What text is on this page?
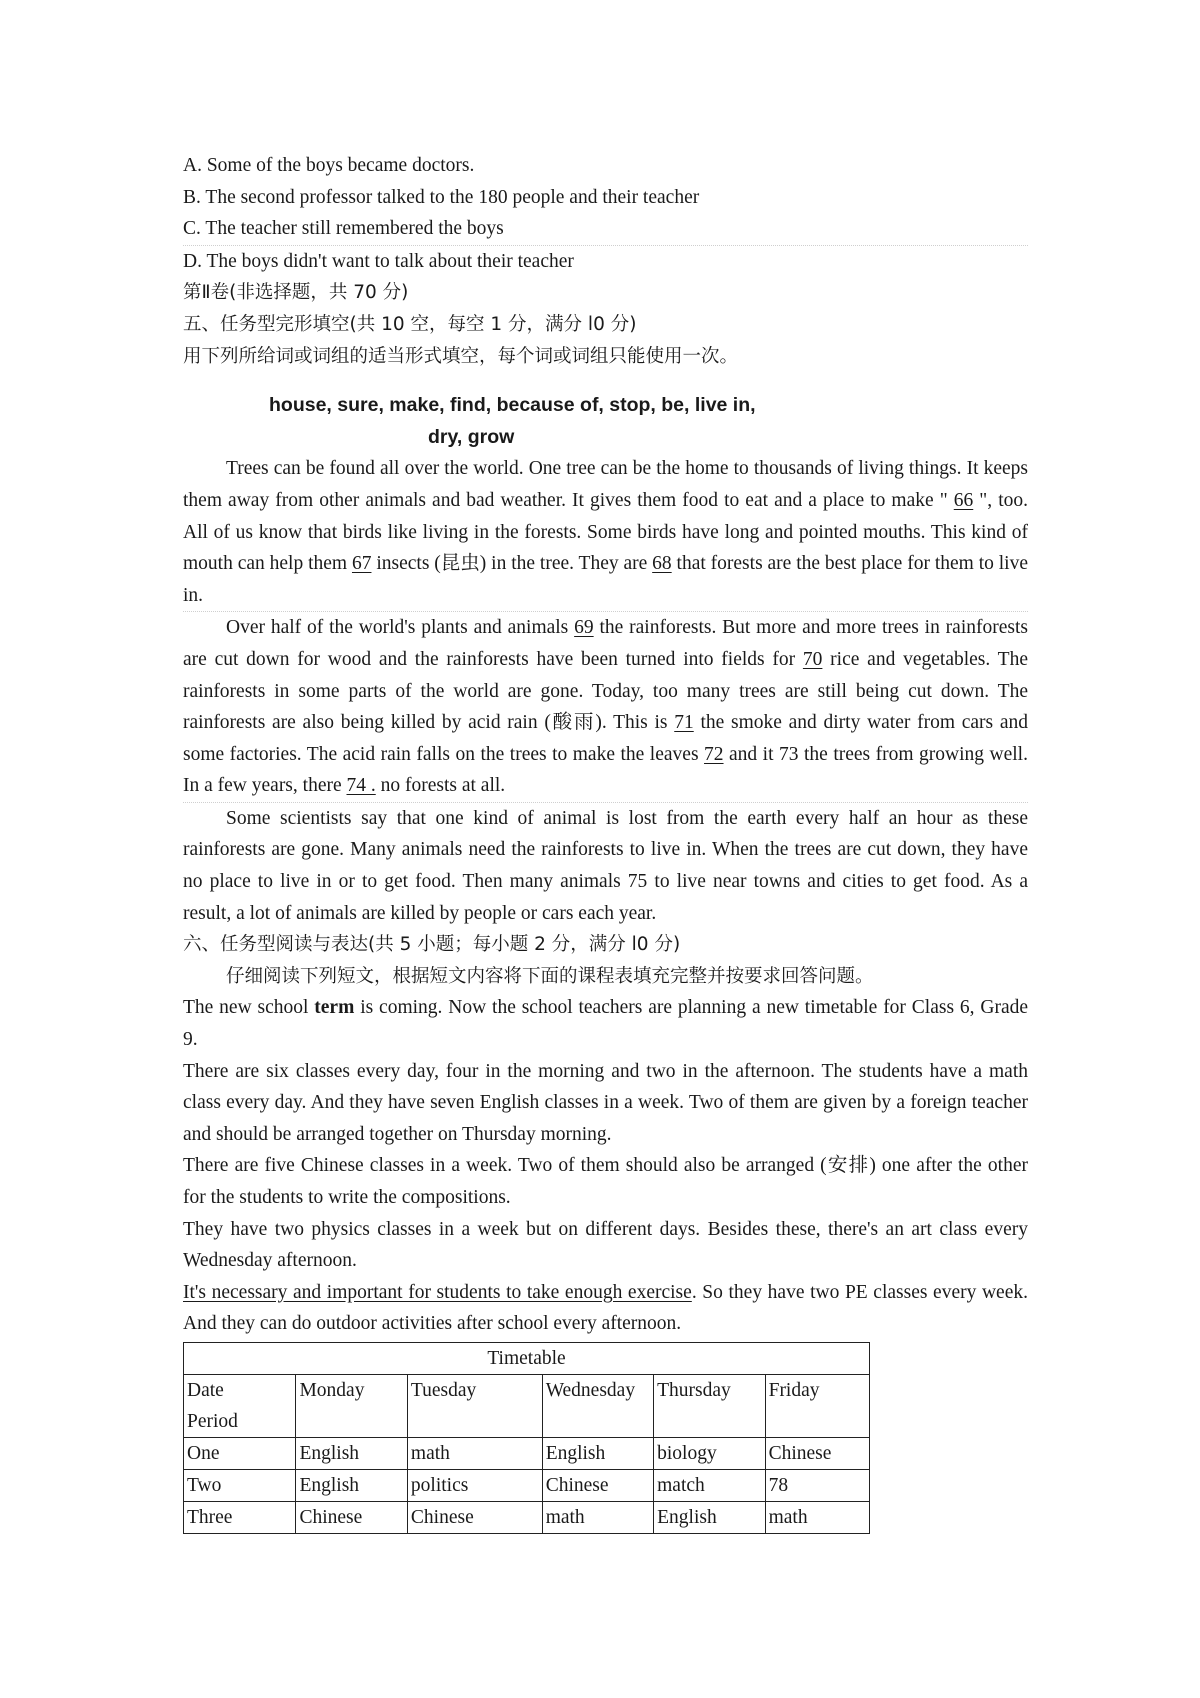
A. Some of the boys became doctors.
B. The second professor talked to the 180 people and their teacher
C. The teacher still remembered the boys
D. The boys didn't want to talk about their teacher
第Ⅱ卷(非选择题，共 70 分)
五、任务型完形填空(共 10 空，每空 1 分，满分 l0 分)
用下列所给词或词组的适当形式填空，每个词或词组只能使用一次。
house, sure, make, find, because of, stop, be, live in,
dry, grow
Trees can be found all over the world. One tree can be the home to thousands of living things. It keeps them away from other animals and bad weather. It gives them food to eat and a place to make " 66 ", too. All of us know that birds like living in the forests. Some birds have long and pointed mouths. This kind of mouth can help them 67 insects (昆虫) in the tree. They are 68 that forests are the best place for them to live in.
Over half of the world's plants and animals 69 the rainforests. But more and more trees in rainforests are cut down for wood and the rainforests have been turned into fields for 70 rice and vegetables. The rainforests in some parts of the world are gone. Today, too many trees are still being cut down. The rainforests are also being killed by acid rain (酸雨). This is 71 the smoke and dirty water from cars and some factories. The acid rain falls on the trees to make the leaves 72 and it 73 the trees from growing well. In a few years, there 74 . no forests at all.
Some scientists say that one kind of animal is lost from the earth every half an hour as these rainforests are gone. Many animals need the rainforests to live in. When the trees are cut down, they have no place to live in or to get food. Then many animals 75 to live near towns and cities to get food. As a result, a lot of animals are killed by people or cars each year.
六、任务型阅读与表达(共 5 小题；每小题 2 分，满分 l0 分)
仔细阅读下列短文，根据短文内容将下面的课程表填充完整并按要求回答问题。
The new school term is coming. Now the school teachers are planning a new timetable for Class 6, Grade 9.
There are six classes every day, four in the morning and two in the afternoon. The students have a math class every day. And they have seven English classes in a week. Two of them are given by a foreign teacher and should be arranged together on Thursday morning.
There are five Chinese classes in a week. Two of them should also be arranged (安排) one after the other for the students to write the compositions.
They have two physics classes in a week but on different days. Besides these, there's an art class every Wednesday afternoon.
It's necessary and important for students to take enough exercise. So they have two PE classes every week. And they can do outdoor activities after school every afternoon.
Timetable					

Date
Period	Monday	Tuesday	Wednesday	Thursday	Friday
One	English	math	English	biology	Chinese
Two	English	politics	Chinese	match	78
Three	Chinese	Chinese	math	English	math
